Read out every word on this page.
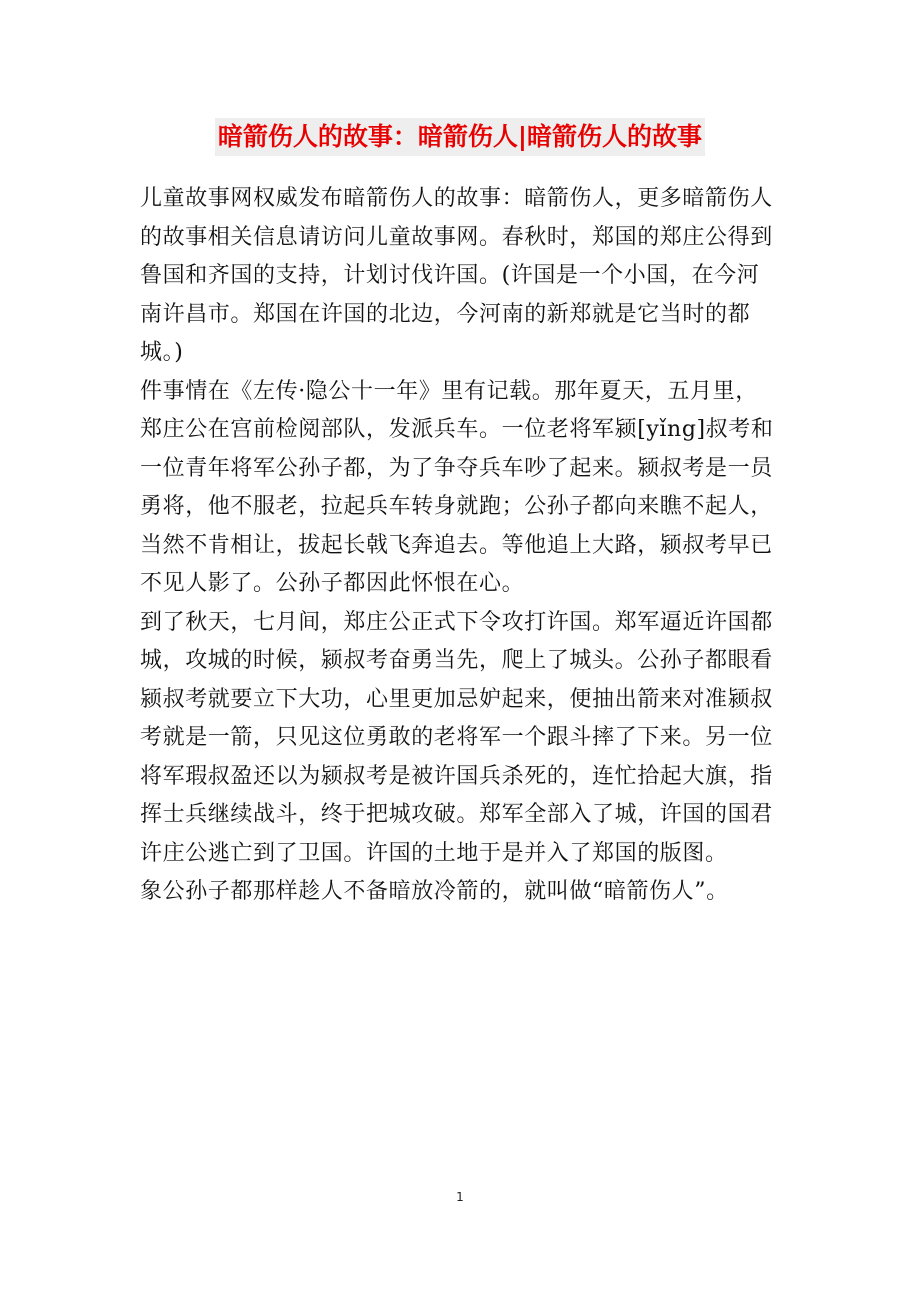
暗箭伤人的故事：暗箭伤人|暗箭伤人的故事

儿童故事网权威发布暗箭伤人的故事：暗箭伤人，更多暗箭伤人的故事相关信息请访问儿童故事网。春秋时，郑国的郑庄公得到鲁国和齐国的支持，计划讨伐许国。(许国是一个小国，在今河南许昌市。郑国在许国的北边，今河南的新郑就是它当时的都城。)

件事情在《左传·隐公十一年》里有记载。那年夏天，五月里，郑庄公在宫前检阅部队，发派兵车。一位老将军颍[yǐng]叔考和一位青年将军公孙子都，为了争夺兵车吵了起来。颍叔考是一员勇将，他不服老，拉起兵车转身就跑；公孙子都向来瞧不起人，当然不肯相让，拔起长戟飞奔追去。等他追上大路，颍叔考早已不见人影了。公孙子都因此怀恨在心。

到了秋天，七月间，郑庄公正式下令攻打许国。郑军逼近许国都城，攻城的时候，颍叔考奋勇当先，爬上了城头。公孙子都眼看颍叔考就要立下大功，心里更加忌妒起来，便抽出箭来对准颍叔考就是一箭，只见这位勇敢的老将军一个跟斗摔了下来。另一位将军瑕叔盈还以为颍叔考是被许国兵杀死的，连忙拾起大旗，指挥士兵继续战斗，终于把城攻破。郑军全部入了城，许国的国君许庄公逃亡到了卫国。许国的土地于是并入了郑国的版图。

象公孙子都那样趁人不备暗放冷箭的，就叫做“暗箭伤人”。

1
